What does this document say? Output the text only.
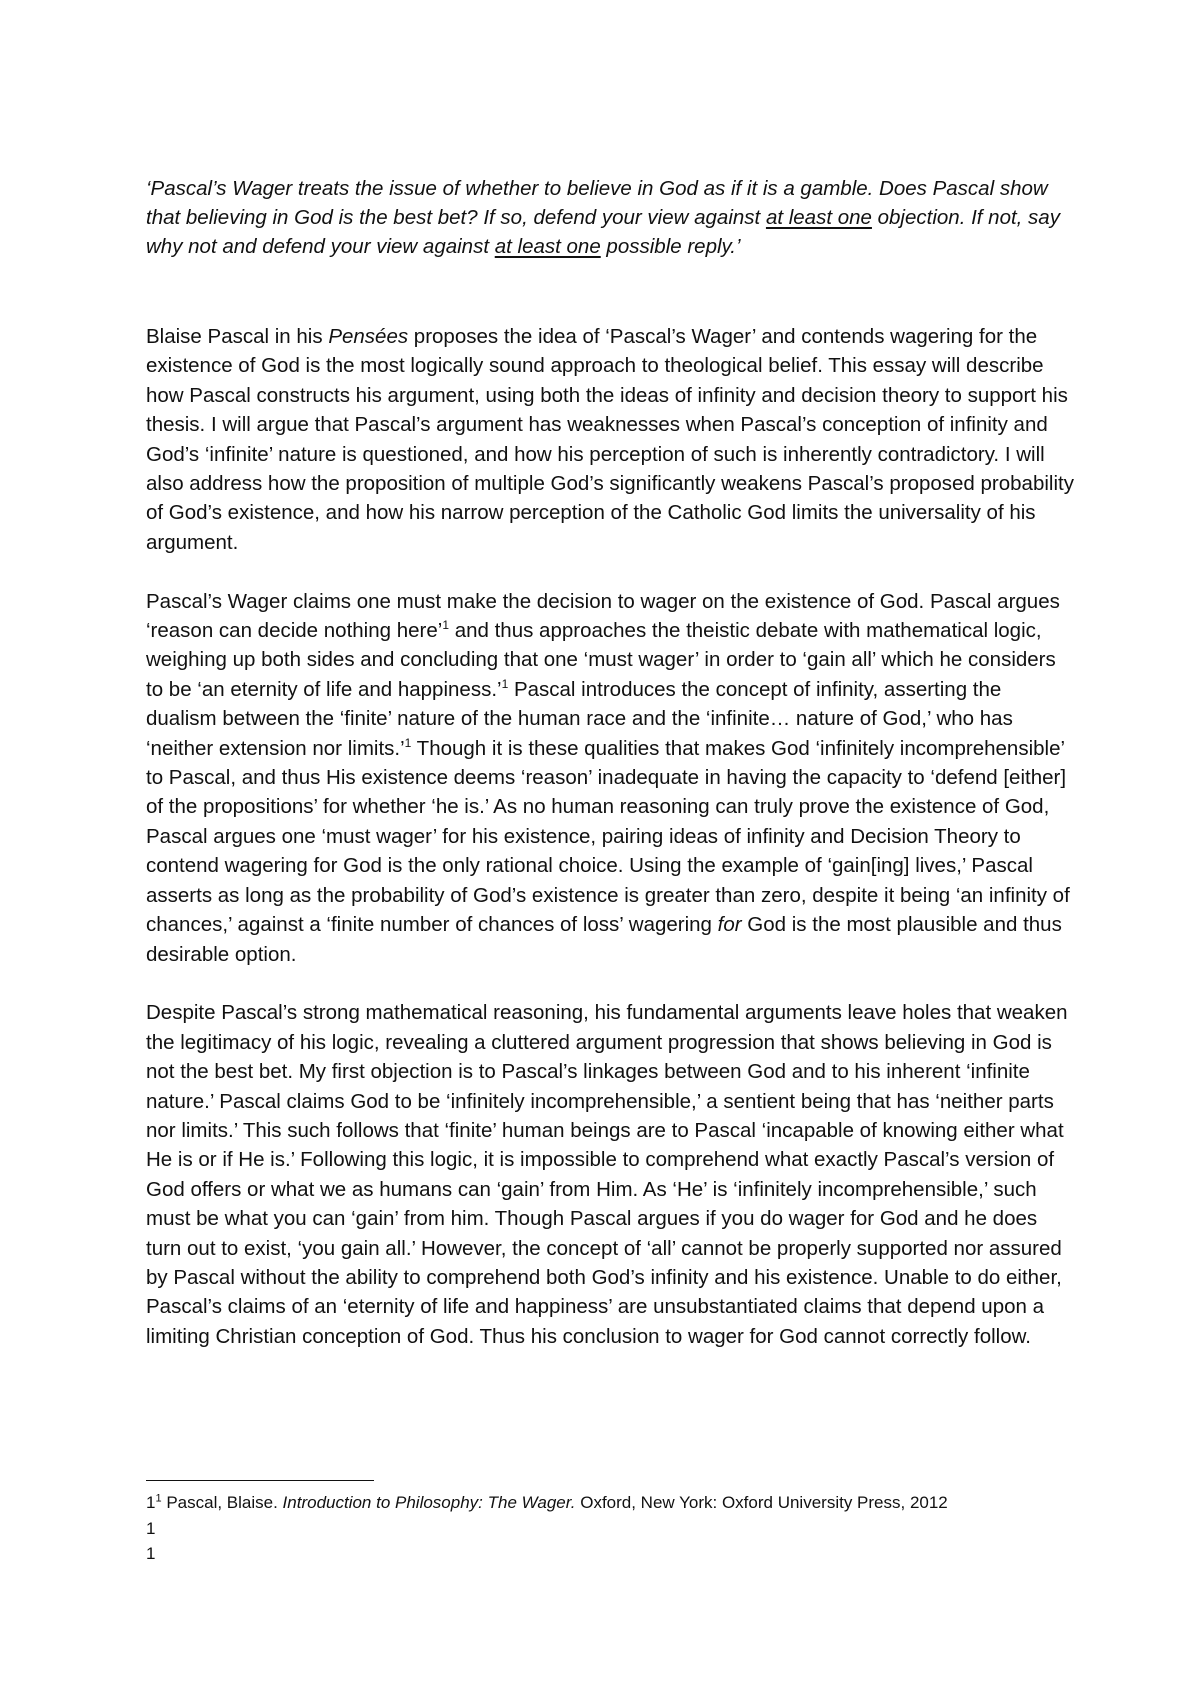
‘Pascal’s Wager treats the issue of whether to believe in God as if it is a gamble. Does Pascal show that believing in God is the best bet? If so, defend your view against at least one objection. If not, say why not and defend your view against at least one possible reply.’

Blaise Pascal in his Pensées proposes the idea of ‘Pascal’s Wager’ and contends wagering for the existence of God is the most logically sound approach to theological belief. This essay will describe how Pascal constructs his argument, using both the ideas of infinity and decision theory to support his thesis. I will argue that Pascal’s argument has weaknesses when Pascal’s conception of infinity and God’s ‘infinite’ nature is questioned, and how his perception of such is inherently contradictory. I will also address how the proposition of multiple God’s significantly weakens Pascal’s proposed probability of God’s existence, and how his narrow perception of the Catholic God limits the universality of his argument.

Pascal’s Wager claims one must make the decision to wager on the existence of God. Pascal argues ‘reason can decide nothing here’$^1$ and thus approaches the theistic debate with mathematical logic, weighing up both sides and concluding that one ‘must wager’ in order to ‘gain all’ which he considers to be ‘an eternity of life and happiness.’$^1$ Pascal introduces the concept of infinity, asserting the dualism between the ‘finite’ nature of the human race and the ‘infinite… nature of God,’ who has ‘neither extension nor limits.’$^1$ Though it is these qualities that makes God ‘infinitely incomprehensible’ to Pascal, and thus His existence deems ‘reason’ inadequate in having the capacity to ‘defend [either] of the propositions’ for whether ‘he is.’ As no human reasoning can truly prove the existence of God, Pascal argues one ‘must wager’ for his existence, pairing ideas of infinity and Decision Theory to contend wagering for God is the only rational choice. Using the example of ‘gain[ing] lives,’ Pascal asserts as long as the probability of God’s existence is greater than zero, despite it being ‘an infinity of chances,’ against a ‘finite number of chances of loss’ wagering for God is the most plausible and thus desirable option.

Despite Pascal’s strong mathematical reasoning, his fundamental arguments leave holes that weaken the legitimacy of his logic, revealing a cluttered argument progression that shows believing in God is not the best bet. My first objection is to Pascal’s linkages between God and to his inherent ‘infinite nature.’ Pascal claims God to be ‘infinitely incomprehensible,’ a sentient being that has ‘neither parts nor limits.’ This such follows that ‘finite’ human beings are to Pascal ‘incapable of knowing either what He is or if He is.’ Following this logic, it is impossible to comprehend what exactly Pascal’s version of God offers or what we as humans can ‘gain’ from Him. As ‘He’ is ‘infinitely incomprehensible,’ such must be what you can ‘gain’ from him. Though Pascal argues if you do wager for God and he does turn out to exist, ‘you gain all.’ However, the concept of ‘all’ cannot be properly supported nor assured by Pascal without the ability to comprehend both God’s infinity and his existence. Unable to do either, Pascal’s claims of an ‘eternity of life and happiness’ are unsubstantiated claims that depend upon a limiting Christian conception of God. Thus his conclusion to wager for God cannot correctly follow.

1$^1$ Pascal, Blaise. Introduction to Philosophy: The Wager. Oxford, New York: Oxford University Press, 2012
1
1
